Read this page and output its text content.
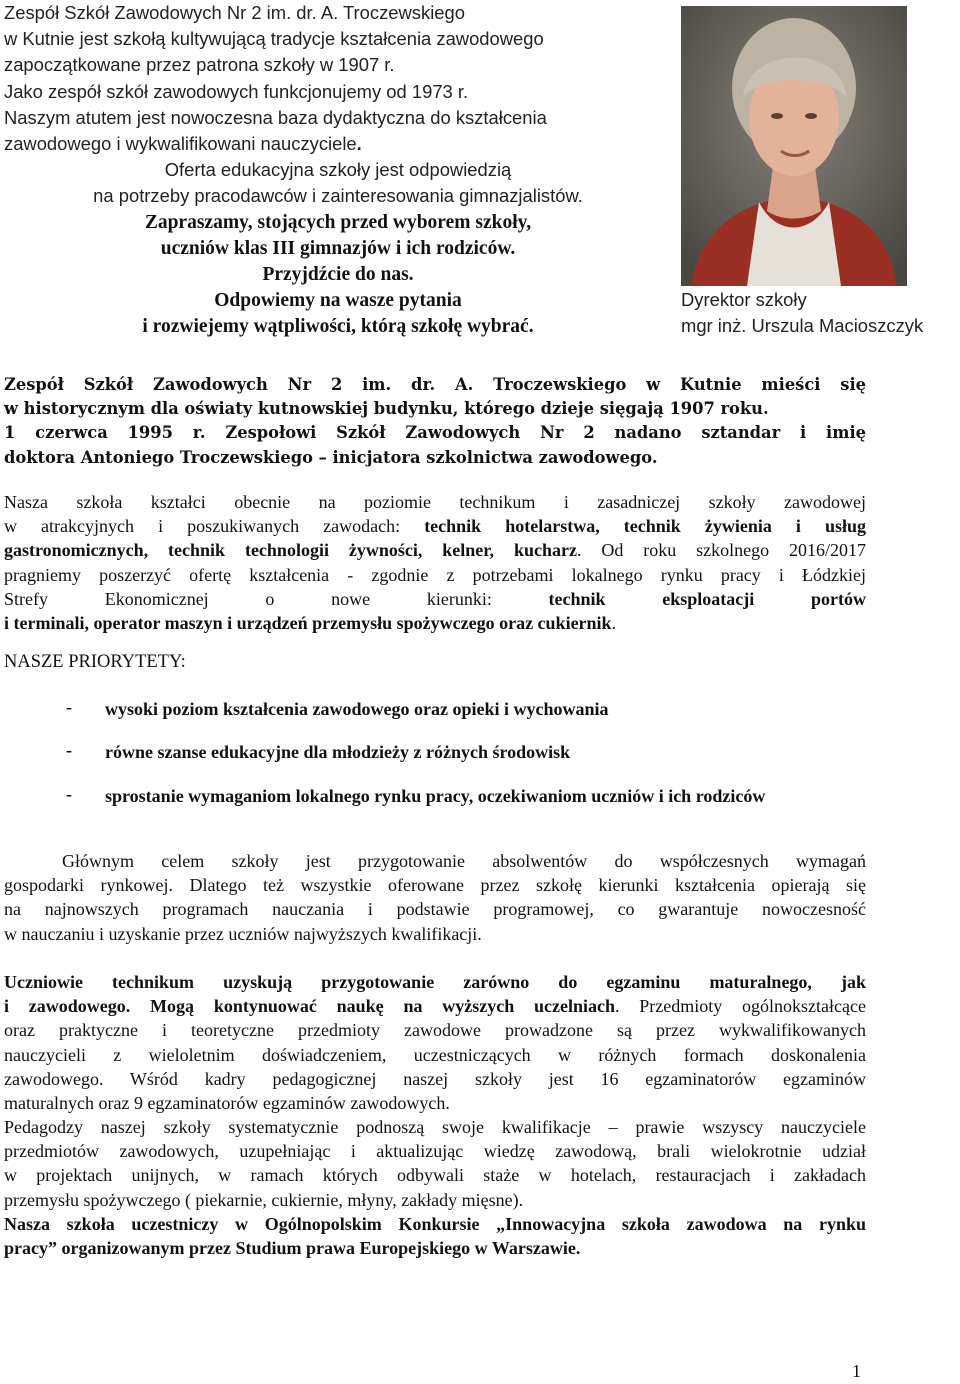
Zespół Szkół Zawodowych Nr 2 im. dr. A. Troczewskiego
w Kutnie jest szkołą kultywującą tradycje kształcenia zawodowego
zapoczątkowane przez patrona szkoły w 1907 r.
Jako zespół szkół zawodowych funkcjonujemy od 1973 r.
Naszym atutem jest nowoczesna baza dydaktyczna do kształcenia
zawodowego i wykwalifikowani nauczyciele.
Oferta edukacyjna szkoły jest odpowiedzią
na potrzeby pracodawców i zainteresowania gimnazjalistów.
Zapraszamy, stojących przed wyborem szkoły,
uczniów klas III gimnazjów i ich rodziców.
Przyjdźcie do nas.
Odpowiemy na wasze pytania
i rozwiejemy wątpliwości, którą szkołę wybrać.
Dyrektor szkoły
mgr inż. Urszula Macioszczyk

Zespół Szkół Zawodowych Nr 2 im. dr. A. Troczewskiego w Kutnie mieści się

w historycznym dla oświaty kutnowskiej budynku, którego dzieje sięgają 1907 roku.

1 czerwca 1995 r. Zespołowi Szkół Zawodowych Nr 2 nadano sztandar i imię

doktora Antoniego Troczewskiego – inicjatora szkolnictwa zawodowego.

Nasza szkoła kształci obecnie na poziomie technikum i zasadniczej szkoły zawodowej

w atrakcyjnych i poszukiwanych zawodach: technik hotelarstwa, technik żywienia i usług

gastronomicznych, technik technologii żywności, kelner, kucharz. Od roku szkolnego 2016/2017

pragniemy poszerzyć ofertę kształcenia - zgodnie z potrzebami lokalnego rynku pracy i Łódzkiej

Strefy Ekonomicznej o nowe kierunki: technik eksploatacji portów

i terminali, operator maszyn i urządzeń przemysłu spożywczego oraz cukiernik.

NASZE PRIORYTETY:
- wysoki poziom kształcenia zawodowego oraz opieki i wychowania
- równe szanse edukacyjne dla młodzieży z różnych środowisk
- sprostanie wymaganiom lokalnego rynku pracy, oczekiwaniom uczniów i ich rodziców

Głównym celem szkoły jest przygotowanie absolwentów do współczesnych wymagań

gospodarki rynkowej. Dlatego też wszystkie oferowane przez szkołę kierunki kształcenia opierają się

na najnowszych programach nauczania i podstawie programowej, co gwarantuje nowoczesność

w nauczaniu i uzyskanie przez uczniów najwyższych kwalifikacji.

Uczniowie technikum uzyskują przygotowanie zarówno do egzaminu maturalnego, jak

i zawodowego. Mogą kontynuować naukę na wyższych uczelniach. Przedmioty ogólnokształcące

oraz praktyczne i teoretyczne przedmioty zawodowe prowadzone są przez wykwalifikowanych

nauczycieli z wieloletnim doświadczeniem, uczestniczących w różnych formach doskonalenia

zawodowego. Wśród kadry pedagogicznej naszej szkoły jest 16 egzaminatorów egzaminów

maturalnych oraz 9 egzaminatorów egzaminów zawodowych.

Pedagodzy naszej szkoły systematycznie podnoszą swoje kwalifikacje – prawie wszyscy nauczyciele

przedmiotów zawodowych, uzupełniając i aktualizując wiedzę zawodową, brali wielokrotnie udział

w projektach unijnych, w ramach których odbywali staże w hotelach, restauracjach i zakładach

przemysłu spożywczego ( piekarnie, cukiernie, młyny, zakłady mięsne).

Nasza szkoła uczestniczy w Ogólnopolskim Konkursie „Innowacyjna szkoła zawodowa na rynku

pracy” organizowanym przez Studium prawa Europejskiego w Warszawie.

1
